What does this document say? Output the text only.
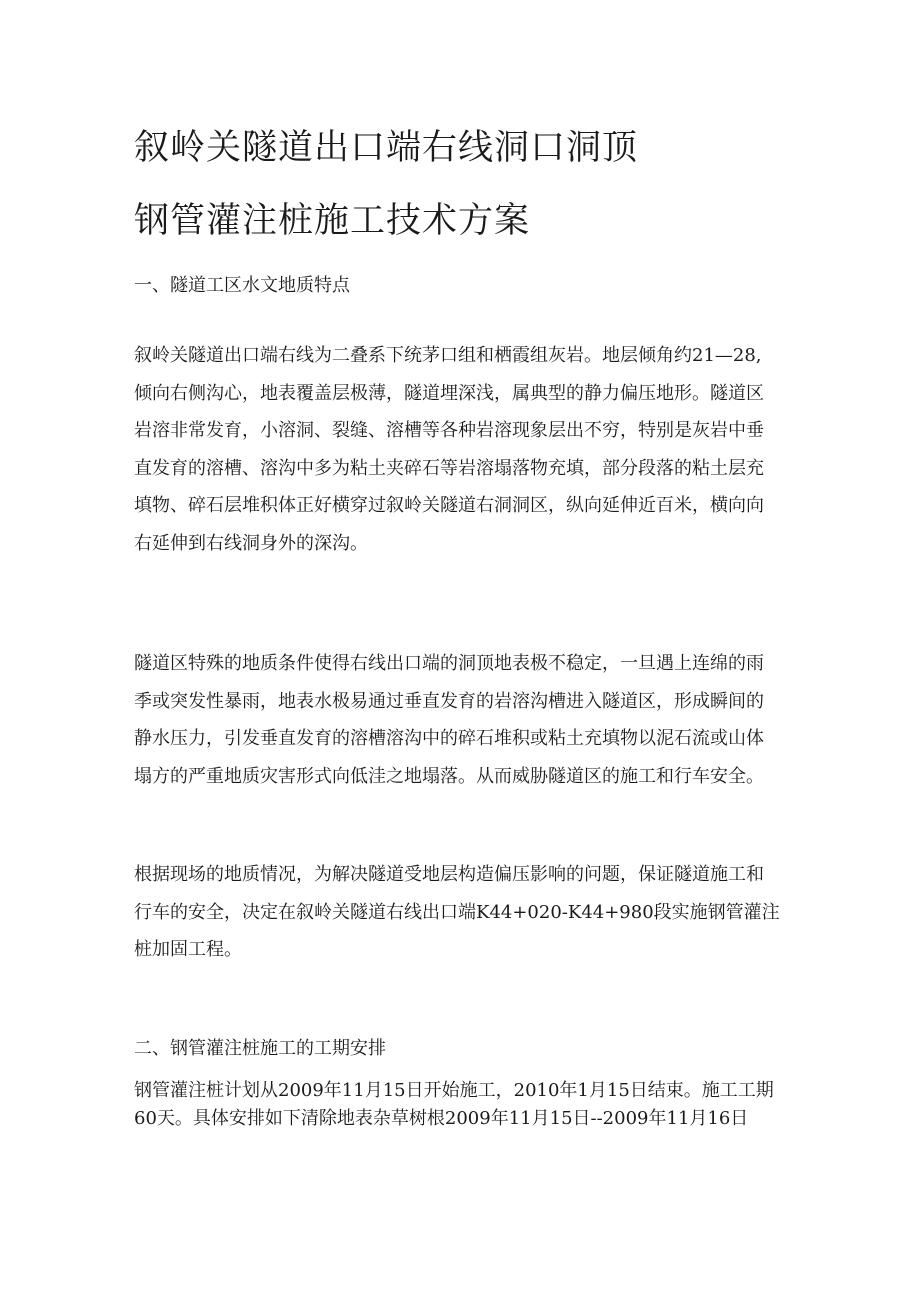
叙岭关隧道出口端右线洞口洞顶
钢管灌注桩施工技术方案
一、隧道工区水文地质特点
叙岭关隧道出口端右线为二叠系下统茅口组和栖霞组灰岩。地层倾角约21—28,
倾向右侧沟心，地表覆盖层极薄，隧道埋深浅，属典型的静力偏压地形。隧道区
岩溶非常发育，小溶洞、裂缝、溶槽等各种岩溶现象层出不穷，特别是灰岩中垂
直发育的溶槽、溶沟中多为粘土夹碎石等岩溶塌落物充填，部分段落的粘土层充
填物、碎石层堆积体正好横穿过叙岭关隧道右洞洞区，纵向延伸近百米，横向向
右延伸到右线洞身外的深沟。
隧道区特殊的地质条件使得右线出口端的洞顶地表极不稳定，一旦遇上连绵的雨
季或突发性暴雨，地表水极易通过垂直发育的岩溶沟槽进入隧道区，形成瞬间的
静水压力，引发垂直发育的溶槽溶沟中的碎石堆积或粘土充填物以泥石流或山体
塌方的严重地质灾害形式向低洼之地塌落。从而威胁隧道区的施工和行车安全。
根据现场的地质情况，为解决隧道受地层构造偏压影响的问题，保证隧道施工和
行车的安全，决定在叙岭关隧道右线出口端K44+020-K44+980段实施钢管灌注
桩加固工程。
二、钢管灌注桩施工的工期安排
钢管灌注桩计划从2009年11月15日开始施工，2010年1月15日结束。施工工期
60天。具体安排如下清除地表杂草树根2009年11月15日--2009年11月16日
